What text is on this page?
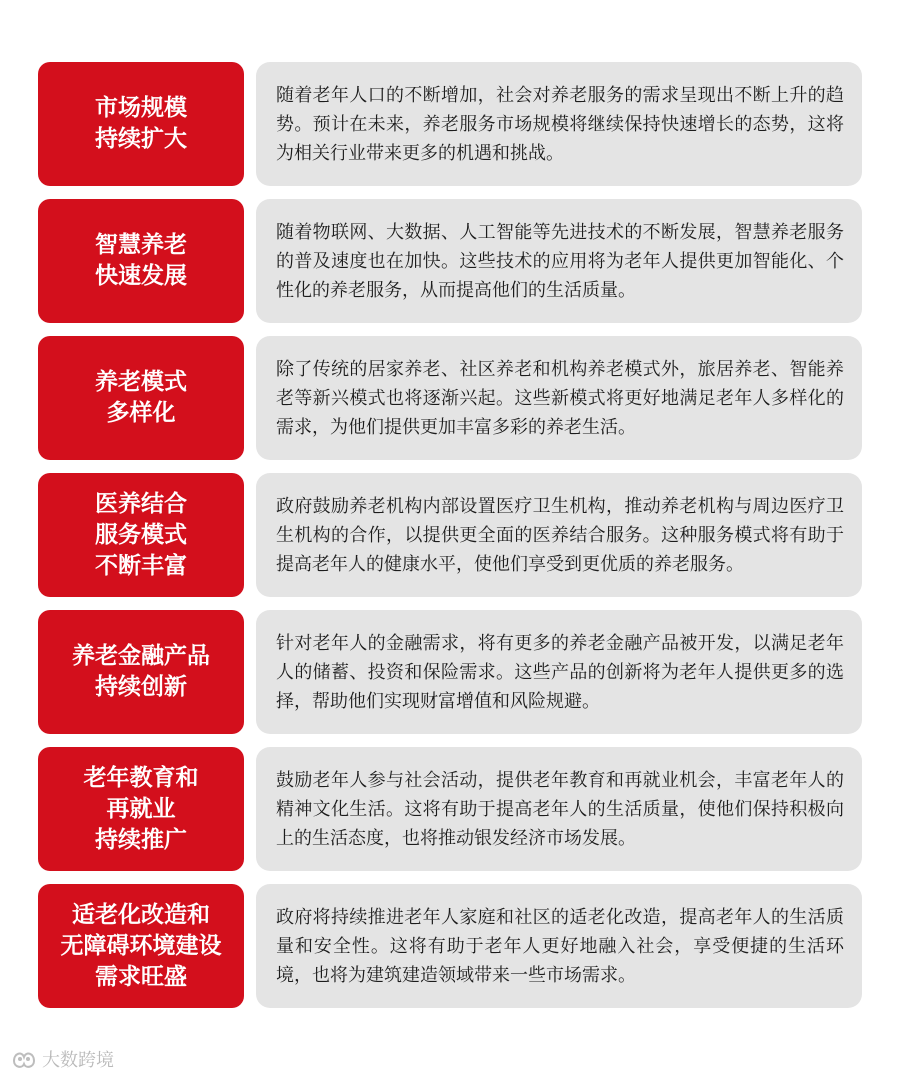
市场规模
持续扩大
随着老年人口的不断增加，社会对养老服务的需求呈现出不断上升的趋势。预计在未来，养老服务市场规模将继续保持快速增长的态势，这将为相关行业带来更多的机遇和挑战。
智慧养老
快速发展
随着物联网、大数据、人工智能等先进技术的不断发展，智慧养老服务的普及速度也在加快。这些技术的应用将为老年人提供更加智能化、个性化的养老服务，从而提高他们的生活质量。
养老模式
多样化
除了传统的居家养老、社区养老和机构养老模式外，旅居养老、智能养老等新兴模式也将逐渐兴起。这些新模式将更好地满足老年人多样化的需求，为他们提供更加丰富多彩的养老生活。
医养结合
服务模式
不断丰富
政府鼓励养老机构内部设置医疗卫生机构，推动养老机构与周边医疗卫生机构的合作，以提供更全面的医养结合服务。这种服务模式将有助于提高老年人的健康水平，使他们享受到更优质的养老服务。
养老金融产品
持续创新
针对老年人的金融需求，将有更多的养老金融产品被开发，以满足老年人的储蓄、投资和保险需求。这些产品的创新将为老年人提供更多的选择，帮助他们实现财富增值和风险规避。
老年教育和
再就业
持续推广
鼓励老年人参与社会活动，提供老年教育和再就业机会，丰富老年人的精神文化生活。这将有助于提高老年人的生活质量，使他们保持积极向上的生活态度，也将推动银发经济市场发展。
适老化改造和
无障碍环境建设
需求旺盛
政府将持续推进老年人家庭和社区的适老化改造，提高老年人的生活质量和安全性。这将有助于老年人更好地融入社会，享受便捷的生活环境，也将为建筑建造领域带来一些市场需求。
大数跨境
